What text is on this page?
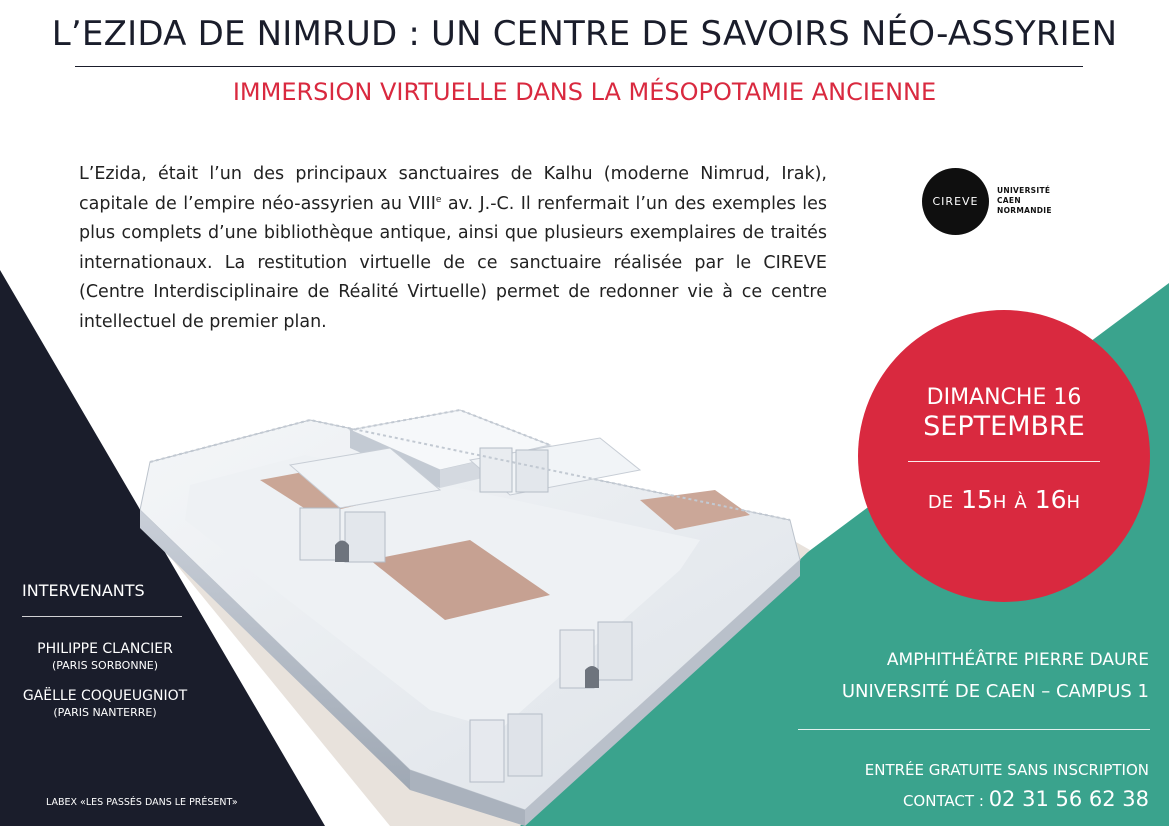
L’EZIDA DE NIMRUD : UN CENTRE DE SAVOIRS NÉO-ASSYRIEN
IMMERSION VIRTUELLE DANS LA MÉSOPOTAMIE ANCIENNE
L’Ezida, était l’un des principaux sanctuaires de Kalhu (moderne Nimrud, Irak), capitale de l’empire néo-assyrien au VIIIe av. J.-C. Il renfermait l’un des exemples les plus complets d’une bibliothèque antique, ainsi que plusieurs exemplaires de traités internationaux. La restitution virtuelle de ce sanctuaire réalisée par le CIREVE (Centre Interdisciplinaire de Réalité Virtuelle) permet de redonner vie à ce centre intellectuel de premier plan.
CIREVE
UNIVERSITÉ
CAEN
NORMANDIE
DIMANCHE 16
SEPTEMBRE
DE 15H À 16H
INTERVENANTS
PHILIPPE CLANCIER
(PARIS SORBONNE)
GAËLLE COQUEUGNIOT
(PARIS NANTERRE)
LABEX «LES PASSÉS DANS LE PRÉSENT»
AMPHITHÉÂTRE PIERRE DAURE
UNIVERSITÉ DE CAEN – CAMPUS 1
ENTRÉE GRATUITE SANS INSCRIPTION
CONTACT : 02 31 56 62 38
